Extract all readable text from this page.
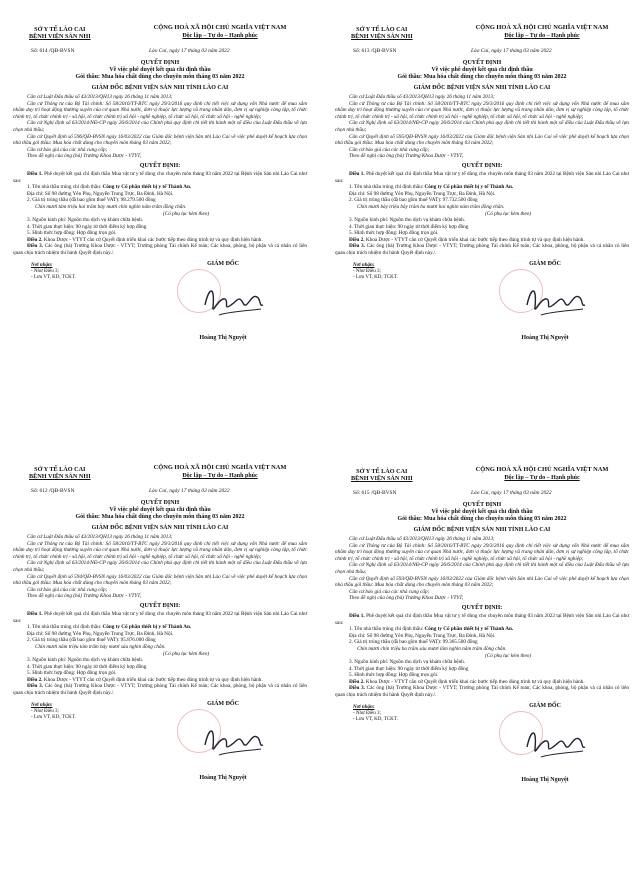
SỞ Y TẾ LÀO CAI
BỆNH VIỆN SẢN NHI
CỘNG HOÀ XÃ HỘI CHỦ NGHĨA VIỆT NAM
Độc lập – Tự do – Hạnh phúc
Số: 614 /QĐ-BVSN	Lào Cai, ngày 17 tháng 03 năm 2022
QUYẾT ĐỊNH
Về việc phê duyệt kết quả chỉ định thầu
Gói thầu: Mua hóa chất dùng cho chuyên môn tháng 03 năm 2022
GIÁM ĐỐC BỆNH VIỆN SẢN NHI TỈNH LÀO CAI

Căn cứ Luật Đấu thầu số 43/2013/QH13 ngày 26 tháng 11 năm 2013;

Căn cứ Thông tư của Bộ Tài chính: Số 58/2016/TT-BTC ngày 29/3/2016 quy định chi tiết việc sử dụng vốn Nhà nước để mua sắm nhằm duy trì hoạt động thường xuyên của cơ quan Nhà nước, đơn vị thuộc lực lượng vũ trang nhân dân, đơn vị sự nghiệp công lập, tổ chức chính trị, tổ chức chính trị - xã hội, tổ chức chính trị xã hội - nghề nghiệp, tổ chức xã hội, tổ chức xã hội - nghề nghiệp;

Căn cứ Nghị định số 63/2014/NĐ-CP ngày 26/6/2014 của Chính phủ quy định chi tiết thi hành một số điều của Luật Đấu thầu về lựa chọn nhà thầu;

Căn cứ Quyết định số 596/QĐ-BVSN ngày 16/03/2022 của Giám đốc bệnh viện Sản nhi Lào Cai về việc phê duyệt kế hoạch lựa chọn nhà thầu gói thầu: Mua hóa chất dùng cho chuyên môn tháng 03 năm 2022;

Căn cứ báo giá của các nhà cung cấp;

Theo đề nghị của ông (bà) Trưởng Khoa Dược - VTYT,

QUYẾT ĐỊNH:

Điều 1. Phê duyệt kết quả chỉ định thầu Mua vật tư y tế dùng cho chuyên môn tháng 03 năm 2022 tại Bệnh viện Sản nhi Lào Cai như sau:

1. Tên nhà thầu trúng chỉ định thầu: Công ty Cổ phần thiết bị y tế Thành An.

Địa chỉ: Số 98 đường Yên Phụ, Nguyễn Trung Trực, Ba Đình, Hà Nội.

2. Giá trị trúng thầu (đã bao gồm thuế VAT): 98.279.500 đồng

Chín mươi tám triệu hai trăm bảy mươi chín nghìn năm trăm đồng chẵn.

(Có phụ lục kèm theo)

3. Nguồn kinh phí: Nguồn thu dịch vụ khám chữa bệnh.

4. Thời gian thực hiện: 90 ngày từ thời điểm ký hợp đồng

5. Hình thức hợp đồng: Hợp đồng trọn gói.

Điều 2. Khoa Dược - VTYT căn cứ Quyết định triển khai các bước tiếp theo đúng trình tự và quy định hiện hành.

Điều 3. Các ông (bà) Trưởng Khoa Dược - VTYT; Trưởng phòng Tài chính Kế toán; Các khoa, phòng, bộ phận và cá nhân có liên quan chịu trách nhiệm thi hành Quyết định này./.

Nơi nhận:
- Như Điều 3;
- Lưu VT, KD, TCKT.
GIÁM ĐỐC
Hoàng Thị Nguyệt
SỞ Y TẾ LÀO CAI
BỆNH VIỆN SẢN NHI
CỘNG HOÀ XÃ HỘI CHỦ NGHĨA VIỆT NAM
Độc lập – Tự do – Hạnh phúc
Số: 613 /QĐ-BVSN	Lào Cai, ngày 17 tháng 03 năm 2022
QUYẾT ĐỊNH
Về việc phê duyệt kết quả chỉ định thầu
Gói thầu: Mua hóa chất dùng cho chuyên môn tháng 03 năm 2022
GIÁM ĐỐC BỆNH VIỆN SẢN NHI TỈNH LÀO CAI

Căn cứ Luật Đấu thầu số 43/2013/QH13 ngày 26 tháng 11 năm 2013;

Căn cứ Thông tư của Bộ Tài chính: Số 58/2016/TT-BTC ngày 29/3/2016 quy định chi tiết việc sử dụng vốn Nhà nước để mua sắm nhằm duy trì hoạt động thường xuyên của cơ quan Nhà nước, đơn vị thuộc lực lượng vũ trang nhân dân, đơn vị sự nghiệp công lập, tổ chức chính trị, tổ chức chính trị - xã hội, tổ chức chính trị xã hội - nghề nghiệp, tổ chức xã hội, tổ chức xã hội - nghề nghiệp;

Căn cứ Nghị định số 63/2014/NĐ-CP ngày 26/6/2014 của Chính phủ quy định chi tiết thi hành một số điều của Luật Đấu thầu về lựa chọn nhà thầu;

Căn cứ Quyết định số 595/QĐ-BVSN ngày 16/03/2022 của Giám đốc bệnh viện Sản nhi Lào Cai về việc phê duyệt kế hoạch lựa chọn nhà thầu gói thầu: Mua hóa chất dùng cho chuyên môn tháng 03 năm 2022;

Căn cứ báo giá của các nhà cung cấp;

Theo đề nghị của ông (bà) Trưởng Khoa Dược - VTYT,

QUYẾT ĐỊNH:

Điều 1. Phê duyệt kết quả chỉ định thầu Mua vật tư y tế dùng cho chuyên môn tháng 03 năm 2022 tại Bệnh viện Sản nhi Lào Cai như sau:

1. Tên nhà thầu trúng chỉ định thầu: Công ty Cổ phần thiết bị y tế Thành An.

Địa chỉ: Số 98 đường Yên Phụ, Nguyễn Trung Trực, Ba Đình, Hà Nội.

2. Giá trị trúng thầu (đã bao gồm thuế VAT): 97.732.500 đồng

Chín mươi bảy triệu bảy trăm ba mươi hai nghìn năm trăm đồng chẵn.

(Có phụ lục kèm theo)

3. Nguồn kinh phí: Nguồn thu dịch vụ khám chữa bệnh.

4. Thời gian thực hiện: 90 ngày từ thời điểm ký hợp đồng

5. Hình thức hợp đồng: Hợp đồng trọn gói.

Điều 2. Khoa Dược - VTYT căn cứ Quyết định triển khai các bước tiếp theo đúng trình tự và quy định hiện hành.

Điều 3. Các ông (bà) Trưởng Khoa Dược - VTYT; Trưởng phòng Tài chính Kế toán; Các khoa, phòng, bộ phận và cá nhân có liên quan chịu trách nhiệm thi hành Quyết định này./.

Nơi nhận:
- Như Điều 3;
- Lưu VT, KD, TCKT.
GIÁM ĐỐC
Hoàng Thị Nguyệt
SỞ Y TẾ LÀO CAI
BỆNH VIỆN SẢN NHI
CỘNG HOÀ XÃ HỘI CHỦ NGHĨA VIỆT NAM
Độc lập – Tự do – Hạnh phúc
Số: 612 /QĐ-BVSN	Lào Cai, ngày 17 tháng 03 năm 2022
QUYẾT ĐỊNH
Về việc phê duyệt kết quả chỉ định thầu
Gói thầu: Mua hóa chất dùng cho chuyên môn tháng 03 năm 2022
GIÁM ĐỐC BỆNH VIỆN SẢN NHI TỈNH LÀO CAI

Căn cứ Luật Đấu thầu số 43/2013/QH13 ngày 26 tháng 11 năm 2013;

Căn cứ Thông tư của Bộ Tài chính: Số 58/2016/TT-BTC ngày 29/3/2016 quy định chi tiết việc sử dụng vốn Nhà nước để mua sắm nhằm duy trì hoạt động thường xuyên của cơ quan Nhà nước, đơn vị thuộc lực lượng vũ trang nhân dân, đơn vị sự nghiệp công lập, tổ chức chính trị, tổ chức chính trị - xã hội, tổ chức chính trị xã hội - nghề nghiệp, tổ chức xã hội, tổ chức xã hội - nghề nghiệp;

Căn cứ Nghị định số 63/2014/NĐ-CP ngày 26/6/2014 của Chính phủ quy định chi tiết thi hành một số điều của Luật Đấu thầu về lựa chọn nhà thầu;

Căn cứ Quyết định số 594/QĐ-BVSN ngày 16/03/2022 của Giám đốc bệnh viện Sản nhi Lào Cai về việc phê duyệt kế hoạch lựa chọn nhà thầu gói thầu: Mua hóa chất dùng cho chuyên môn tháng 03 năm 2022;

Căn cứ báo giá của các nhà cung cấp;

Theo đề nghị của ông (bà) Trưởng Khoa Dược - VTYT,

QUYẾT ĐỊNH:

Điều 1. Phê duyệt kết quả chỉ định thầu Mua vật tư y tế dùng cho chuyên môn tháng 03 năm 2022 tại Bệnh viện Sản nhi Lào Cai như sau:

1. Tên nhà thầu trúng chỉ định thầu: Công ty Cổ phần thiết bị y tế Thành An.

Địa chỉ: Số 98 đường Yên Phụ, Nguyễn Trung Trực, Ba Đình, Hà Nội.

2. Giá trị trúng thầu (đã bao gồm thuế VAT): 95.876.000 đồng

Chín mươi năm triệu tám trăm bảy mươi sáu nghìn đồng chẵn.

(Có phụ lục kèm theo)

3. Nguồn kinh phí: Nguồn thu dịch vụ khám chữa bệnh.

4. Thời gian thực hiện: 90 ngày từ thời điểm ký hợp đồng

5. Hình thức hợp đồng: Hợp đồng trọn gói.

Điều 2. Khoa Dược - VTYT căn cứ Quyết định triển khai các bước tiếp theo đúng trình tự và quy định hiện hành.

Điều 3. Các ông (bà) Trưởng Khoa Dược - VTYT; Trưởng phòng Tài chính Kế toán; Các khoa, phòng, bộ phận và cá nhân có liên quan chịu trách nhiệm thi hành Quyết định này./.

Nơi nhận:
- Như Điều 3;
- Lưu VT, KD, TCKT.
GIÁM ĐỐC
Hoàng Thị Nguyệt
SỞ Y TẾ LÀO CAI
BỆNH VIỆN SẢN NHI
CỘNG HOÀ XÃ HỘI CHỦ NGHĨA VIỆT NAM
Độc lập – Tự do – Hạnh phúc
Số: 615 /QĐ-BVSN	Lào Cai, ngày 17 tháng 03 năm 2022
QUYẾT ĐỊNH
Về việc phê duyệt kết quả chỉ định thầu
Gói thầu: Mua hóa chất dùng cho chuyên môn tháng 03 năm 2022
GIÁM ĐỐC BỆNH VIỆN SẢN NHI TỈNH LÀO CAI

Căn cứ Luật Đấu thầu số 43/2013/QH13 ngày 26 tháng 11 năm 2013;

Căn cứ Thông tư của Bộ Tài chính: Số 58/2016/TT-BTC ngày 29/3/2016 quy định chi tiết việc sử dụng vốn Nhà nước để mua sắm nhằm duy trì hoạt động thường xuyên của cơ quan Nhà nước, đơn vị thuộc lực lượng vũ trang nhân dân, đơn vị sự nghiệp công lập, tổ chức chính trị, tổ chức chính trị - xã hội, tổ chức chính trị xã hội - nghề nghiệp, tổ chức xã hội, tổ chức xã hội - nghề nghiệp;

Căn cứ Nghị định số 63/2014/NĐ-CP ngày 26/6/2014 của Chính phủ quy định chi tiết thi hành một số điều của Luật Đấu thầu về lựa chọn nhà thầu;

Căn cứ Quyết định số 593/QĐ-BVSN ngày 16/03/2022 của Giám đốc bệnh viện Sản nhi Lào Cai về việc phê duyệt kế hoạch lựa chọn nhà thầu gói thầu: Mua hóa chất dùng cho chuyên môn tháng 03 năm 2022;

Căn cứ báo giá của các nhà cung cấp;

Theo đề nghị của ông (bà) Trưởng Khoa Dược - VTYT,

QUYẾT ĐỊNH:

Điều 1. Phê duyệt kết quả chỉ định thầu Mua vật tư y tế dùng cho chuyên môn tháng 03 năm 2022 tại Bệnh viện Sản nhi Lào Cai như sau:

1. Tên nhà thầu trúng chỉ định thầu: Công ty Cổ phần thiết bị y tế Thành An.

Địa chỉ: Số 98 đường Yên Phụ, Nguyễn Trung Trực, Ba Đình, Hà Nội.

2. Giá trị trúng thầu (đã bao gồm thuế VAT): 99.365.500 đồng

Chín mươi chín triệu ba trăm sáu mươi lăm nghìn năm trăm đồng chẵn.

(Có phụ lục kèm theo)

3. Nguồn kinh phí: Nguồn thu dịch vụ khám chữa bệnh.

4. Thời gian thực hiện: 90 ngày từ thời điểm ký hợp đồng

5. Hình thức hợp đồng: Hợp đồng trọn gói.

Điều 2. Khoa Dược - VTYT căn cứ Quyết định triển khai các bước tiếp theo đúng trình tự và quy định hiện hành.

Điều 3. Các ông (bà) Trưởng Khoa Dược - VTYT; Trưởng phòng Tài chính Kế toán; Các khoa, phòng, bộ phận và cá nhân có liên quan chịu trách nhiệm thi hành Quyết định này./.

Nơi nhận:
- Như Điều 3;
- Lưu VT, KD, TCKT.
GIÁM ĐỐC
Hoàng Thị Nguyệt
